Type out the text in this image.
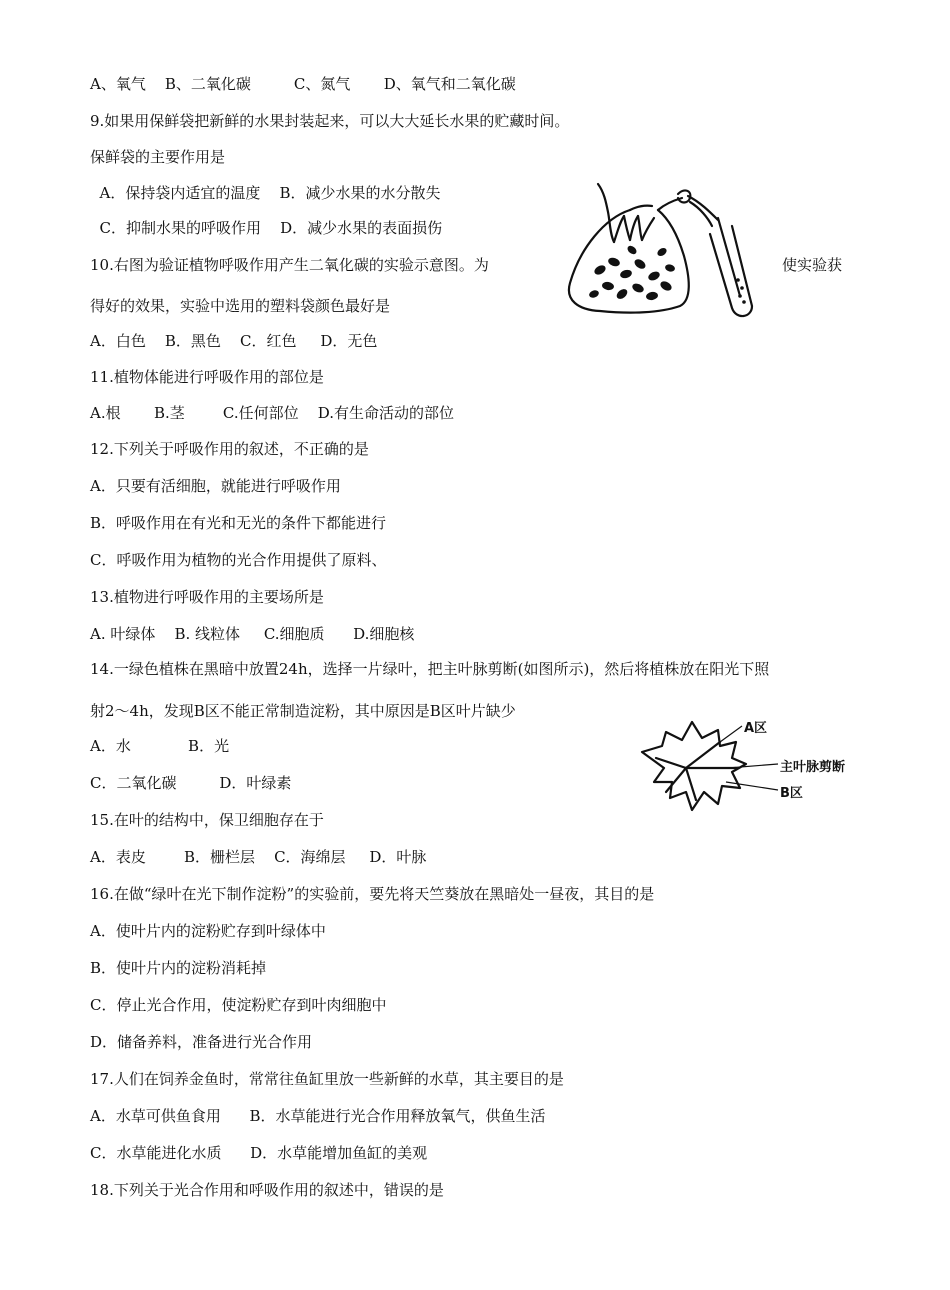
A、氧气    B、二氧化碳         C、氮气       D、氧气和二氧化碳
9.如果用保鲜袋把新鲜的水果封装起来，可以大大延长水果的贮藏时间。
保鲜袋的主要作用是
A．保持袋内适宜的温度    B．减少水果的水分散失
C．抑制水果的呼吸作用    D．减少水果的表面损伤
10.右图为验证植物呼吸作用产生二氧化碳的实验示意图。为	使实验获
得好的效果，实验中选用的塑料袋颜色最好是
A．白色    B．黑色    C．红色     D．无色
11.植物体能进行呼吸作用的部位是
A.根       B.茎        C.任何部位    D.有生命活动的部位
12.下列关于呼吸作用的叙述，不正确的是
A．只要有活细胞，就能进行呼吸作用
B．呼吸作用在有光和无光的条件下都能进行
C．呼吸作用为植物的光合作用提供了原料、
13.植物进行呼吸作用的主要场所是
A. 叶绿体    B. 线粒体     C.细胞质      D.细胞核
14.一绿色植株在黑暗中放置24h，选择一片绿叶，把主叶脉剪断(如图所示)，然后将植株放在阳光下照
射2～4h，发现B区不能正常制造淀粉，其中原因是B区叶片缺少
A．水            B．光
C．二氧化碳         D．叶绿素
15.在叶的结构中，保卫细胞存在于
A．表皮        B．栅栏层    C．海绵层     D．叶脉
16.在做“绿叶在光下制作淀粉”的实验前，要先将天竺葵放在黑暗处一昼夜，其目的是
A．使叶片内的淀粉贮存到叶绿体中
B．使叶片内的淀粉消耗掉
C．停止光合作用，使淀粉贮存到叶肉细胞中
D．储备养料，准备进行光合作用
17.人们在饲养金鱼时，常常往鱼缸里放一些新鲜的水草，其主要目的是
A．水草可供鱼食用      B．水草能进行光合作用释放氧气，供鱼生活
C．水草能进化水质      D．水草能增加鱼缸的美观
18.下列关于光合作用和呼吸作用的叙述中，错误的是
A区
主叶脉剪断
B区
